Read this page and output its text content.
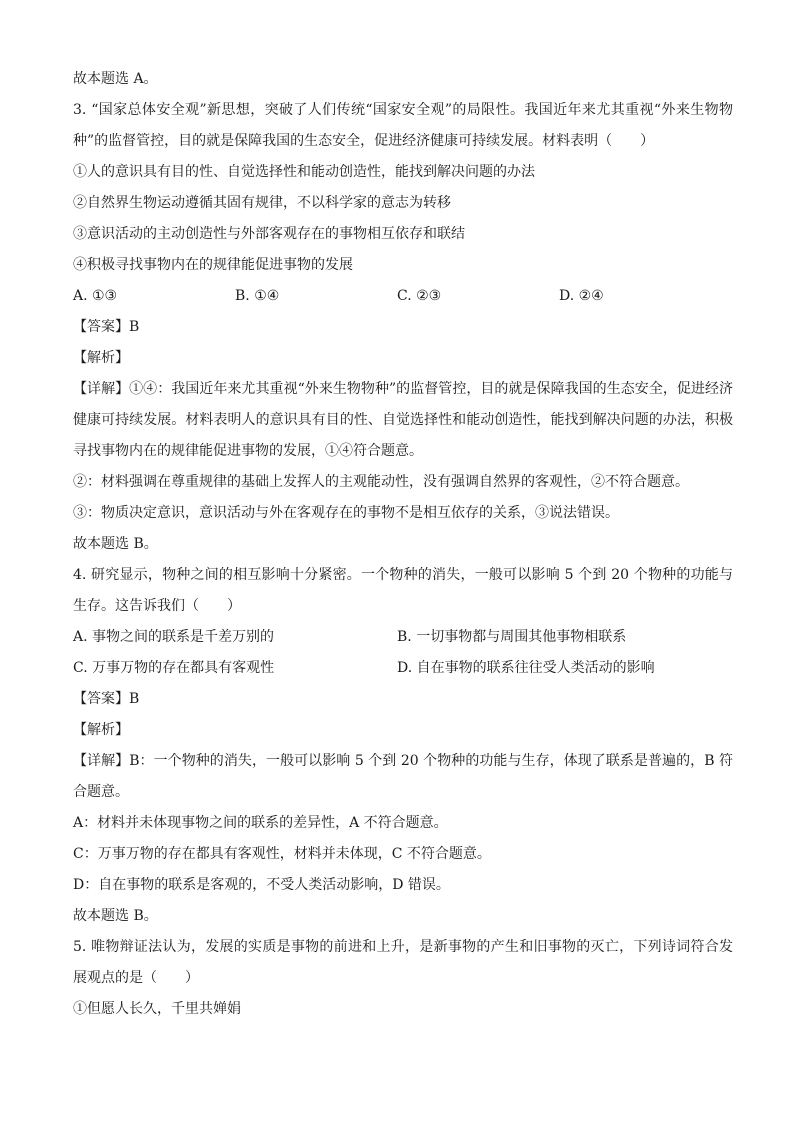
故本题选 A。
3. “国家总体安全观”新思想，突破了人们传统“国家安全观”的局限性。我国近年来尤其重视“外来生物物种”的监督管控，目的就是保障我国的生态安全，促进经济健康可持续发展。材料表明（　　）
①人的意识具有目的性、自觉选择性和能动创造性，能找到解决问题的办法
②自然界生物运动遵循其固有规律，不以科学家的意志为转移
③意识活动的主动创造性与外部客观存在的事物相互依存和联结
④积极寻找事物内在的规律能促进事物的发展
A. ①③	B. ①④	C. ②③	D. ②④
【答案】B
【解析】
【详解】①④：我国近年来尤其重视“外来生物物种”的监督管控，目的就是保障我国的生态安全，促进经济健康可持续发展。材料表明人的意识具有目的性、自觉选择性和能动创造性，能找到解决问题的办法，积极寻找事物内在的规律能促进事物的发展，①④符合题意。
②：材料强调在尊重规律的基础上发挥人的主观能动性，没有强调自然界的客观性，②不符合题意。
③：物质决定意识，意识活动与外在客观存在的事物不是相互依存的关系，③说法错误。
故本题选 B。
4. 研究显示，物种之间的相互影响十分紧密。一个物种的消失，一般可以影响 5 个到 20 个物种的功能与生存。这告诉我们（　　）
A. 事物之间的联系是千差万别的	B. 一切事物都与周围其他事物相联系
C. 万事万物的存在都具有客观性	D. 自在事物的联系往往受人类活动的影响
【答案】B
【解析】
【详解】B：一个物种的消失，一般可以影响 5 个到 20 个物种的功能与生存，体现了联系是普遍的，B 符合题意。
A：材料并未体现事物之间的联系的差异性，A 不符合题意。
C：万事万物的存在都具有客观性，材料并未体现，C 不符合题意。
D：自在事物的联系是客观的，不受人类活动影响，D 错误。
故本题选 B。
5. 唯物辩证法认为，发展的实质是事物的前进和上升，是新事物的产生和旧事物的灭亡，下列诗词符合发展观点的是（　　）
①但愿人长久，千里共婵娟
